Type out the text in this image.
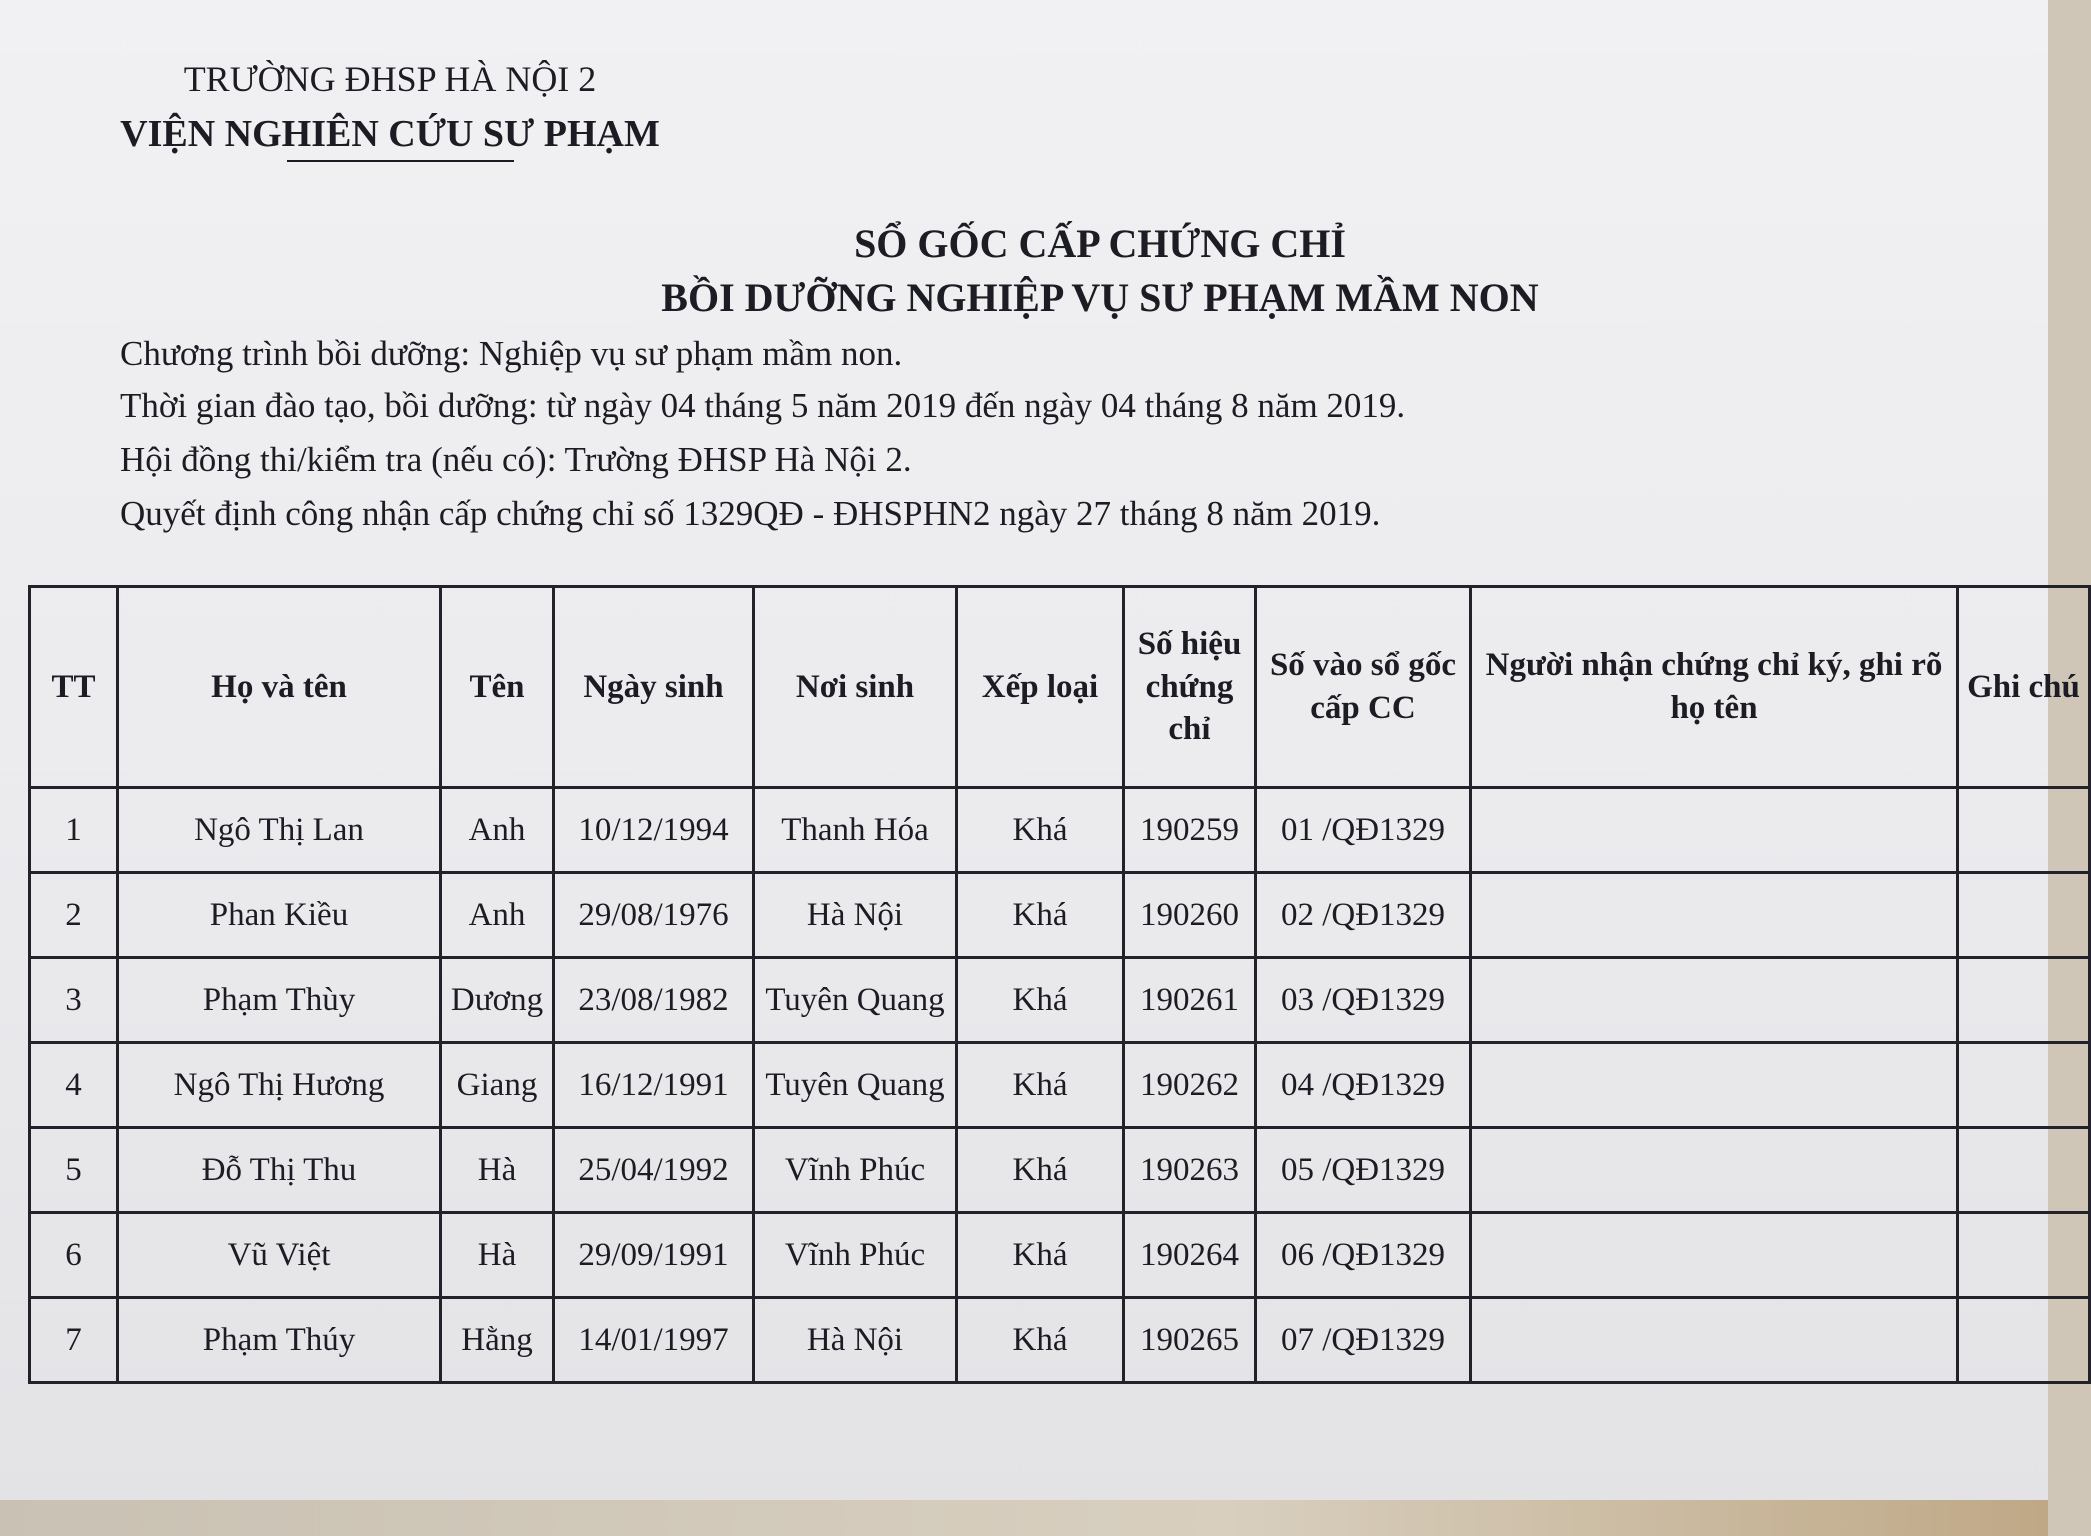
TRƯỜNG ĐHSP HÀ NỘI 2
VIỆN NGHIÊN CỨU SƯ PHẠM
SỔ GỐC CẤP CHỨNG CHỈ
BỒI DƯỠNG NGHIỆP VỤ SƯ PHẠM MẦM NON
Chương trình bồi dưỡng: Nghiệp vụ sư phạm mầm non.
Thời gian đào tạo, bồi dưỡng: từ ngày 04 tháng 5 năm 2019 đến ngày 04 tháng 8 năm 2019.
Hội đồng thi/kiểm tra (nếu có): Trường ĐHSP Hà Nội 2.
Quyết định công nhận cấp chứng chỉ số 1329QĐ - ĐHSPHN2 ngày 27 tháng 8 năm 2019.
TT	Họ và tên	Tên	Ngày sinh	Nơi sinh	Xếp loại	Số hiệu chứng chỉ	Số vào sổ gốc cấp CC	Người nhận chứng chỉ ký, ghi rõ họ tên	Ghi chú
1	Ngô Thị Lan	Anh	10/12/1994	Thanh Hóa	Khá	190259	01 /QĐ1329		
2	Phan Kiều	Anh	29/08/1976	Hà Nội	Khá	190260	02 /QĐ1329		
3	Phạm Thùy	Dương	23/08/1982	Tuyên Quang	Khá	190261	03 /QĐ1329		
4	Ngô Thị Hương	Giang	16/12/1991	Tuyên Quang	Khá	190262	04 /QĐ1329		
5	Đỗ Thị Thu	Hà	25/04/1992	Vĩnh Phúc	Khá	190263	05 /QĐ1329		
6	Vũ Việt	Hà	29/09/1991	Vĩnh Phúc	Khá	190264	06 /QĐ1329		
7	Phạm Thúy	Hằng	14/01/1997	Hà Nội	Khá	190265	07 /QĐ1329		
